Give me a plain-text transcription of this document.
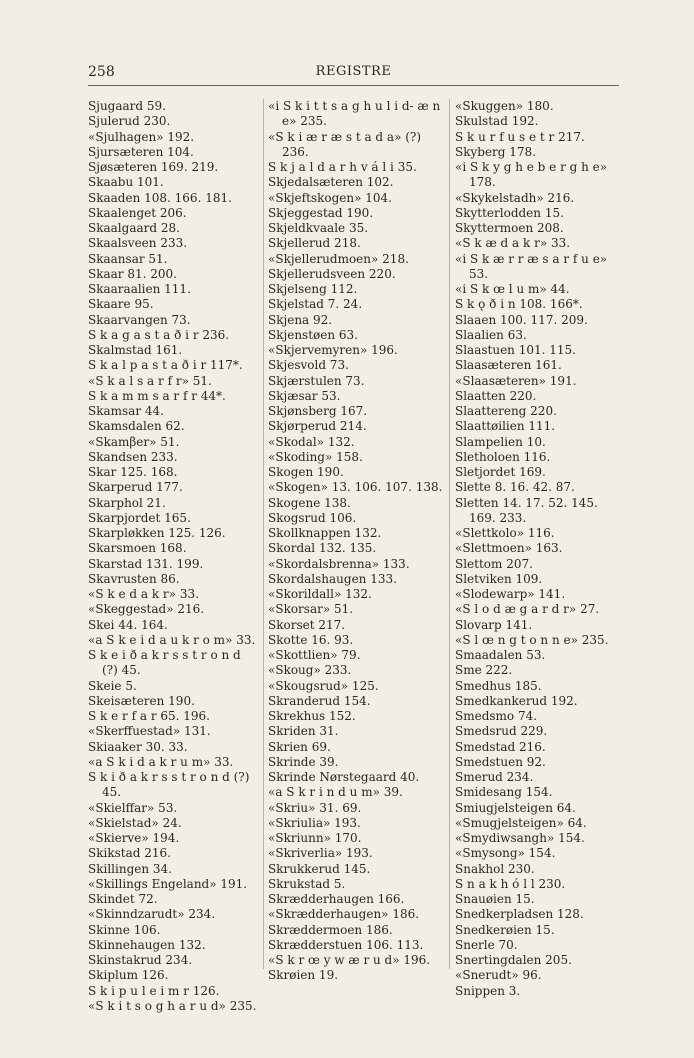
258	REGISTRE
Sjugaard 59.
Sjulerud 230.
«Sjulhagen» 192.
Sjursæteren 104.
Sjøsæteren 169. 219.
Skaabu 101.
Skaaden 108. 166. 181.
Skaalenget 206.
Skaalgaard 28.
Skaalsveen 233.
Skaansar 51.
Skaar 81. 200.
Skaaraalien 111.
Skaare 95.
Skaarvangen 73.
S k a g a s t a ð i r 236.
Skalmstad 161.
S k a l p a s t a ð i r 117*.
«S k a l s a r f r» 51.
S k a m m s a r f r 44*.
Skamsar 44.
Skamsdalen 62.
«Skamβer» 51.
Skandsen 233.
Skar 125. 168.
Skarperud 177.
Skarphol 21.
Skarpjordet 165.
Skarpløkken 125. 126.
Skarsmoen 168.
Skarstad 131. 199.
Skavrusten 86.
«S k e d a k r» 33.
«Skeggestad» 216.
Skei 44. 164.
«a S k e i d a u k r o m» 33.
S k e i ð a k r s s t r o n d (?) 45.
Skeie 5.
Skeisæteren 190.
S k e r f a r 65. 196.
«Skerffuestad» 131.
Skiaaker 30. 33.
«a S k i d a k r u m» 33.
S k i ð a k r s s t r o n d (?) 45.
«Skielffar» 53.
«Skielstad» 24.
«Skierve» 194.
Skikstad 216.
Skillingen 34.
«Skillings Engeland» 191.
Skindet 72.
«Skinndzarudt» 234.
Skinne 106.
Skinnehaugen 132.
Skinstakrud 234.
Skiplum 126.
S k i p u l e i m r 126.
«S k i t s o g h a r u d» 235.
«i S k i t t s a g h u l i d- æ n e» 235.
«S k i æ r æ s t a d a» (?) 236.
S k j a l d a r h v á l i 35.
Skjedalsæteren 102.
«Skjeftskogen» 104.
Skjeggestad 190.
Skjeldkvaale 35.
Skjellerud 218.
«Skjellerudmoen» 218.
Skjellerudsveen 220.
Skjelseng 112.
Skjelstad 7. 24.
Skjena 92.
Skjenstøen 63.
«Skjervemyren» 196.
Skjesvold 73.
Skjærstulen 73.
Skjæsar 53.
Skjønsberg 167.
Skjørperud 214.
«Skodal» 132.
«Skoding» 158.
Skogen 190.
«Skogen» 13. 106. 107. 138.
Skogene 138.
Skogsrud 106.
Skollknappen 132.
Skordal 132. 135.
«Skordalsbrenna» 133.
Skordalshaugen 133.
«Skorildall» 132.
«Skorsar» 51.
Skorset 217.
Skotte 16. 93.
«Skottlien» 79.
«Skoug» 233.
«Skougsrud» 125.
Skranderud 154.
Skrekhus 152.
Skriden 31.
Skrien 69.
Skrinde 39.
Skrinde Nørstegaard 40.
«a S k r i n d u m» 39.
«Skriu» 31. 69.
«Skriulia» 193.
«Skriunn» 170.
«Skriverlia» 193.
Skrukkerud 145.
Skrukstad 5.
Skrædderhaugen 166.
«Skrædderhaugen» 186.
Skræddermoen 186.
Skrædderstuen 106. 113.
«S k r œ y w æ r u d» 196.
Skrøien 19.
«Skuggen» 180.
Skulstad 192.
S k u r f u s e t r 217.
Skyberg 178.
«i S k y g h e b e r g h e» 178.
«Skykelstadh» 216.
Skytterlodden 15.
Skyttermoen 208.
«S k æ d a k r» 33.
«i S k æ r r æ s a r f u e» 53.
«i S k œ l u m» 44.
S k ǫ ð i n 108. 166*.
Slaaen 100. 117. 209.
Slaalien 63.
Slaastuen 101. 115.
Slaasæteren 161.
«Slaasæteren» 191.
Slaatten 220.
Slaattereng 220.
Slaattøilien 111.
Slampelien 10.
Sletholoen 116.
Sletjordet 169.
Slette 8. 16. 42. 87.
Sletten 14. 17. 52. 145. 169. 233.
«Slettkolo» 116.
«Slettmoen» 163.
Slettom 207.
Sletviken 109.
«Slodewarp» 141.
«S l o d æ g a r d r» 27.
Slovarp 141.
«S l œ n g t o n n e» 235.
Smaadalen 53.
Sme 222.
Smedhus 185.
Smedkankerud 192.
Smedsmo 74.
Smedsrud 229.
Smedstad 216.
Smedstuen 92.
Smerud 234.
Smidesang 154.
Smiugjelsteigen 64.
«Smugjelsteigen» 64.
«Smydiwsangh» 154.
«Smysong» 154.
Snakhol 230.
S n a k h ó l l 230.
Snauøien 15.
Snedkerpladsen 128.
Snedkerøien 15.
Snerle 70.
Snertingdalen 205.
«Snerudt» 96.
Snippen 3.
